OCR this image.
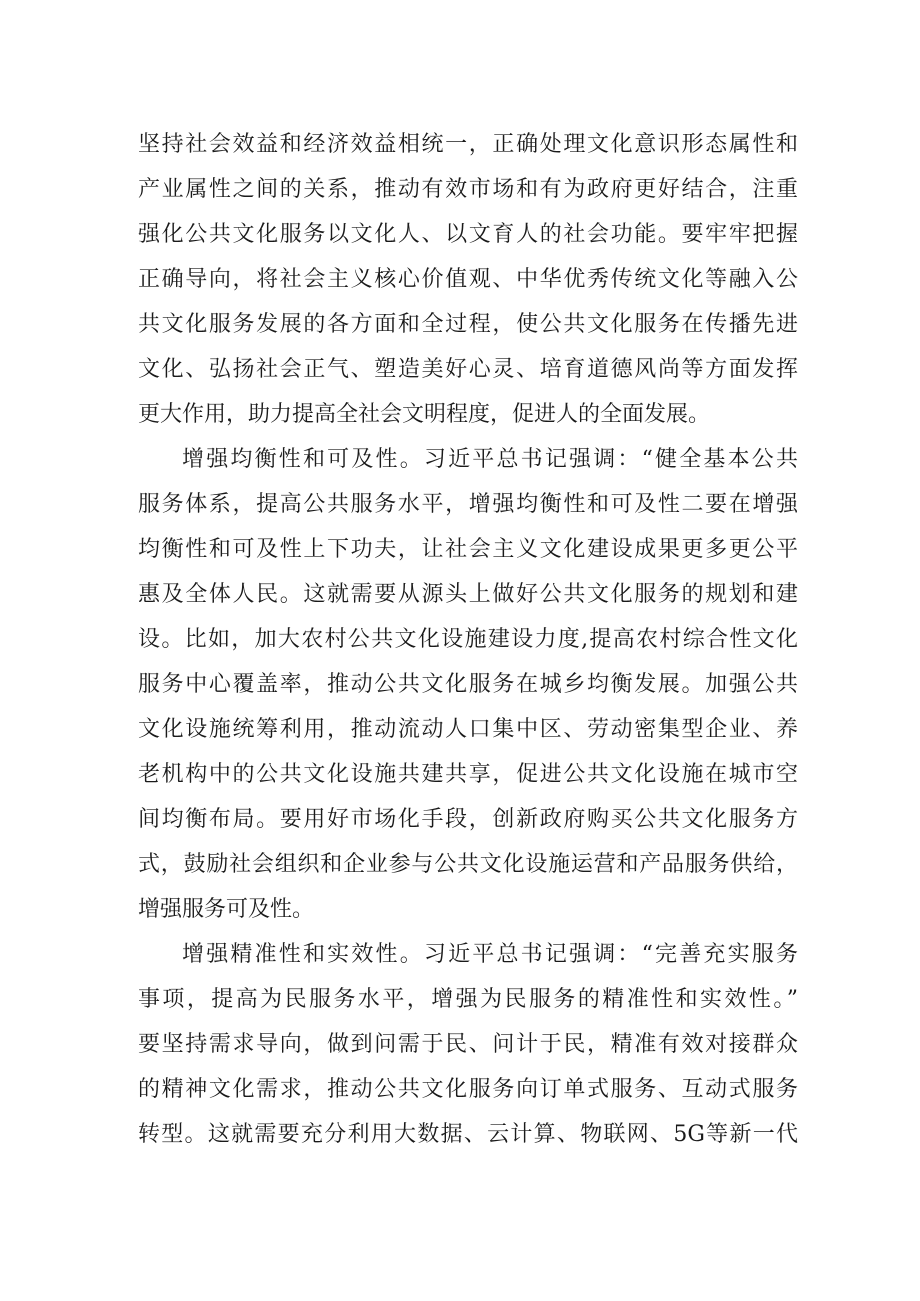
坚持社会效益和经济效益相统一，正确处理文化意识形态属性和
产业属性之间的关系，推动有效市场和有为政府更好结合，注重
强化公共文化服务以文化人、以文育人的社会功能。要牢牢把握
正确导向，将社会主义核心价值观、中华优秀传统文化等融入公
共文化服务发展的各方面和全过程，使公共文化服务在传播先进
文化、弘扬社会正气、塑造美好心灵、培育道德风尚等方面发挥
更大作用，助力提高全社会文明程度，促进人的全面发展。
增强均衡性和可及性。习近平总书记强调：“健全基本公共
服务体系，提高公共服务水平，增强均衡性和可及性二要在增强
均衡性和可及性上下功夫，让社会主义文化建设成果更多更公平
惠及全体人民。这就需要从源头上做好公共文化服务的规划和建
设。比如，加大农村公共文化设施建设力度,提高农村综合性文化
服务中心覆盖率，推动公共文化服务在城乡均衡发展。加强公共
文化设施统筹利用，推动流动人口集中区、劳动密集型企业、养
老机构中的公共文化设施共建共享，促进公共文化设施在城市空
间均衡布局。要用好市场化手段，创新政府购买公共文化服务方
式，鼓励社会组织和企业参与公共文化设施运营和产品服务供给，
增强服务可及性。
增强精准性和实效性。习近平总书记强调：“完善充实服务
事项，提高为民服务水平，增强为民服务的精准性和实效性。”
要坚持需求导向，做到问需于民、问计于民，精准有效对接群众
的精神文化需求，推动公共文化服务向订单式服务、互动式服务
转型。这就需要充分利用大数据、云计算、物联网、5G等新一代
